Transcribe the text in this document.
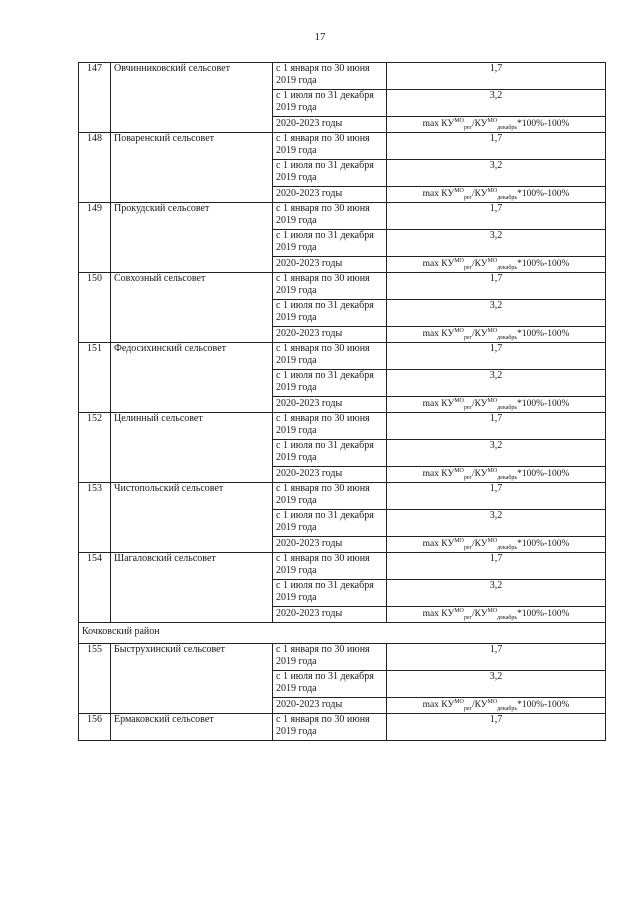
17
147	Овчинниковский сельсовет	с 1 января по 30 июня 2019 года	1,7
		с 1 июля по 31 декабря 2019 года	3,2
		2020-2023 годы	$\max КУ^{МО}_{рег}/КУ^{МО}_{декабрь}*100\%-100\%$
148	Поваренский сельсовет	с 1 января по 30 июня 2019 года	1,7
		с 1 июля по 31 декабря 2019 года	3,2
		2020-2023 годы	$\max КУ^{МО}_{рег}/КУ^{МО}_{декабрь}*100\%-100\%$
149	Прокудский сельсовет	с 1 января по 30 июня 2019 года	1,7
		с 1 июля по 31 декабря 2019 года	3,2
		2020-2023 годы	$\max КУ^{МО}_{рег}/КУ^{МО}_{декабрь}*100\%-100\%$
150	Совхозный сельсовет	с 1 января по 30 июня 2019 года	1,7
		с 1 июля по 31 декабря 2019 года	3,2
		2020-2023 годы	$\max КУ^{МО}_{рег}/КУ^{МО}_{декабрь}*100\%-100\%$
151	Федосихинский сельсовет	с 1 января по 30 июня 2019 года	1,7
		с 1 июля по 31 декабря 2019 года	3,2
		2020-2023 годы	$\max КУ^{МО}_{рег}/КУ^{МО}_{декабрь}*100\%-100\%$
152	Целинный сельсовет	с 1 января по 30 июня 2019 года	1,7
		с 1 июля по 31 декабря 2019 года	3,2
		2020-2023 годы	$\max КУ^{МО}_{рег}/КУ^{МО}_{декабрь}*100\%-100\%$
153	Чистопольский сельсовет	с 1 января по 30 июня 2019 года	1,7
		с 1 июля по 31 декабря 2019 года	3,2
		2020-2023 годы	$\max КУ^{МО}_{рег}/КУ^{МО}_{декабрь}*100\%-100\%$
154	Шагаловский сельсовет	с 1 января по 30 июня 2019 года	1,7
		с 1 июля по 31 декабря 2019 года	3,2
		2020-2023 годы	$\max КУ^{МО}_{рег}/КУ^{МО}_{декабрь}*100\%-100\%$
Кочковский район			
155	Быструхинский сельсовет	с 1 января по 30 июня 2019 года	1,7
		с 1 июля по 31 декабря 2019 года	3,2
		2020-2023 годы	$\max КУ^{МО}_{рег}/КУ^{МО}_{декабрь}*100\%-100\%$
156	Ермаковский сельсовет	с 1 января по 30 июня 2019 года	1,7
